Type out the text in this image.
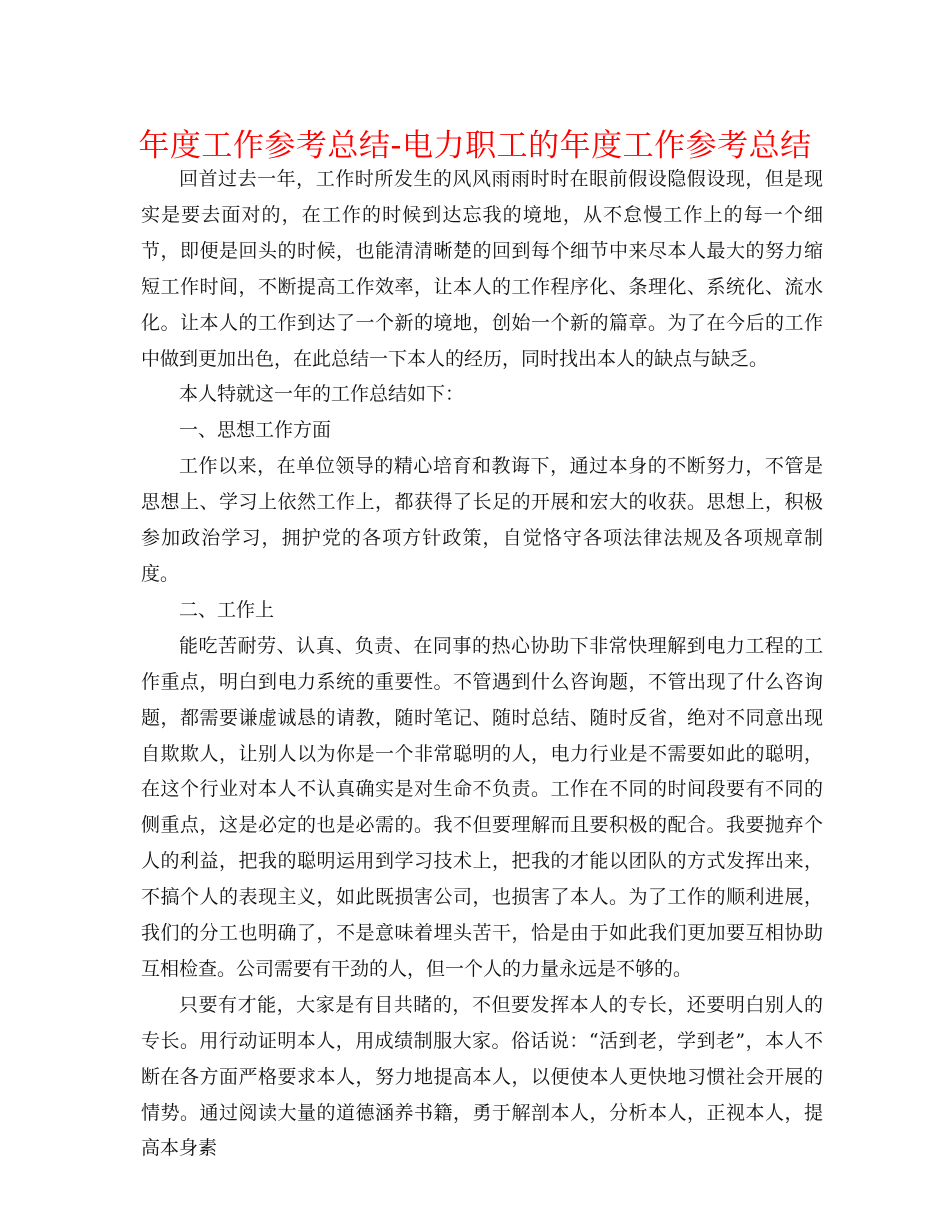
年度工作参考总结-电力职工的年度工作参考总结

回首过去一年，工作时所发生的风风雨雨时时在眼前假设隐假设现，但是现实是要去面对的，在工作的时候到达忘我的境地，从不怠慢工作上的每一个细节，即便是回头的时候，也能清清晰楚的回到每个细节中来尽本人最大的努力缩短工作时间，不断提高工作效率，让本人的工作程序化、条理化、系统化、流水化。让本人的工作到达了一个新的境地，创始一个新的篇章。为了在今后的工作中做到更加出色，在此总结一下本人的经历，同时找出本人的缺点与缺乏。

本人特就这一年的工作总结如下：

一、思想工作方面

工作以来，在单位领导的精心培育和教诲下，通过本身的不断努力，不管是思想上、学习上依然工作上，都获得了长足的开展和宏大的收获。思想上，积极参加政治学习，拥护党的各项方针政策，自觉恪守各项法律法规及各项规章制度。

二、工作上

能吃苦耐劳、认真、负责、在同事的热心协助下非常快理解到电力工程的工作重点，明白到电力系统的重要性。不管遇到什么咨询题，不管出现了什么咨询题，都需要谦虚诚恳的请教，随时笔记、随时总结、随时反省，绝对不同意出现自欺欺人，让别人以为你是一个非常聪明的人，电力行业是不需要如此的聪明，在这个行业对本人不认真确实是对生命不负责。工作在不同的时间段要有不同的侧重点，这是必定的也是必需的。我不但要理解而且要积极的配合。我要抛弃个人的利益，把我的聪明运用到学习技术上，把我的才能以团队的方式发挥出来，不搞个人的表现主义，如此既损害公司，也损害了本人。为了工作的顺利进展，我们的分工也明确了，不是意味着埋头苦干，恰是由于如此我们更加要互相协助互相检查。公司需要有干劲的人，但一个人的力量永远是不够的。

只要有才能，大家是有目共睹的，不但要发挥本人的专长，还要明白别人的专长。用行动证明本人，用成绩制服大家。俗话说：“活到老，学到老”，本人不断在各方面严格要求本人，努力地提高本人，以便使本人更快地习惯社会开展的情势。通过阅读大量的道德涵养书籍，勇于解剖本人，分析本人，正视本人，提高本身素
